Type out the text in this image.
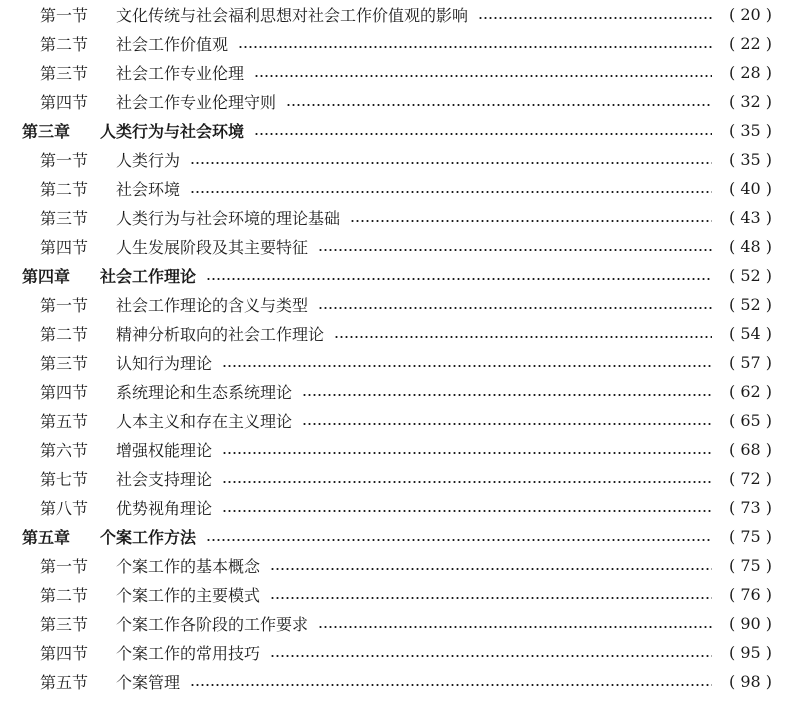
第一节	文化传统与社会福利思想对社会工作价值观的影响	( 20 )
第二节	社会工作价值观	( 22 )
第三节	社会工作专业伦理	( 28 )
第四节	社会工作专业伦理守则	( 32 )
第三章	人类行为与社会环境	( 35 )
第一节	人类行为	( 35 )
第二节	社会环境	( 40 )
第三节	人类行为与社会环境的理论基础	( 43 )
第四节	人生发展阶段及其主要特征	( 48 )
第四章	社会工作理论	( 52 )
第一节	社会工作理论的含义与类型	( 52 )
第二节	精神分析取向的社会工作理论	( 54 )
第三节	认知行为理论	( 57 )
第四节	系统理论和生态系统理论	( 62 )
第五节	人本主义和存在主义理论	( 65 )
第六节	增强权能理论	( 68 )
第七节	社会支持理论	( 72 )
第八节	优势视角理论	( 73 )
第五章	个案工作方法	( 75 )
第一节	个案工作的基本概念	( 75 )
第二节	个案工作的主要模式	( 76 )
第三节	个案工作各阶段的工作要求	( 90 )
第四节	个案工作的常用技巧	( 95 )
第五节	个案管理	( 98 )
